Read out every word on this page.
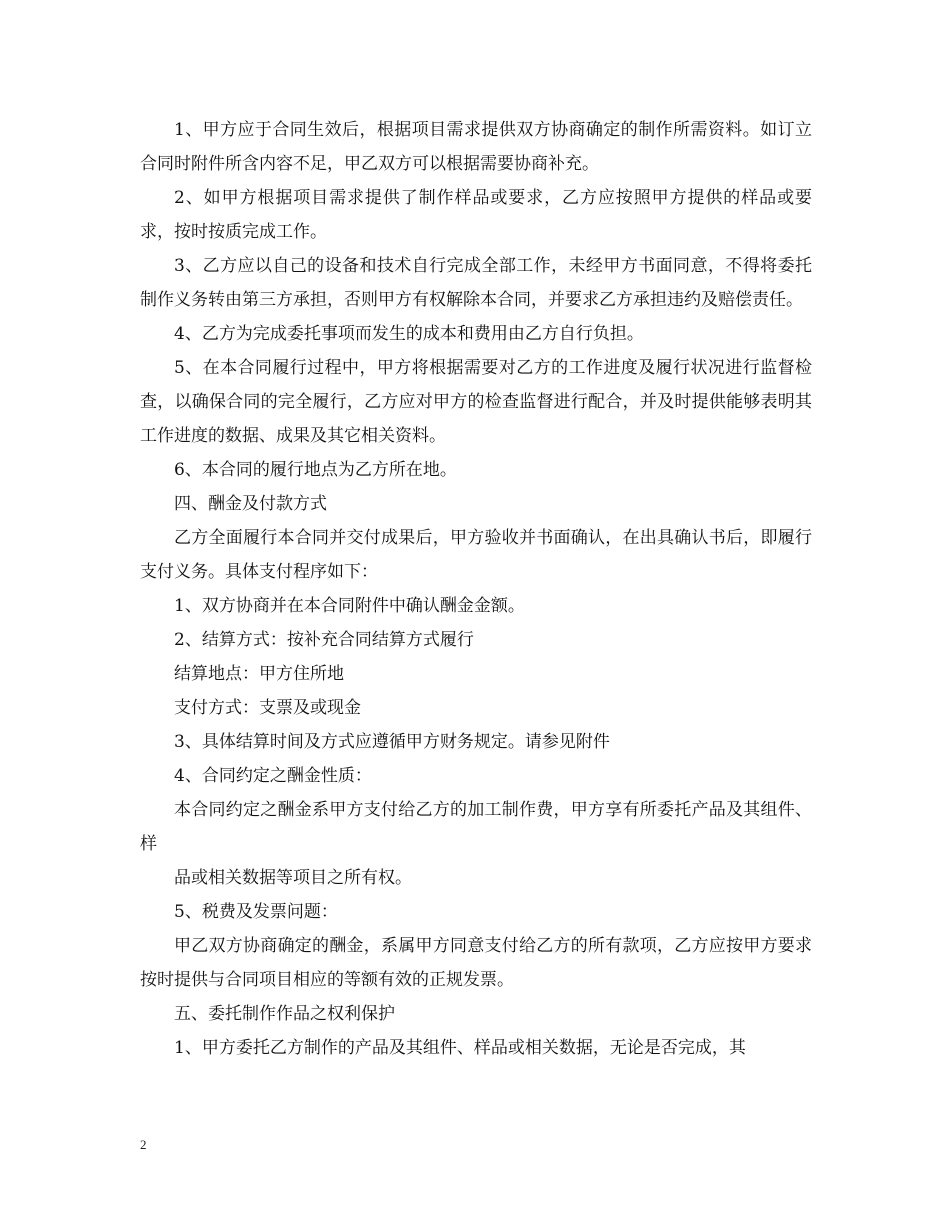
1、甲方应于合同生效后，根据项目需求提供双方协商确定的制作所需资料。如订立合同时附件所含内容不足，甲乙双方可以根据需要协商补充。

2、如甲方根据项目需求提供了制作样品或要求，乙方应按照甲方提供的样品或要求，按时按质完成工作。

3、乙方应以自己的设备和技术自行完成全部工作，未经甲方书面同意，不得将委托制作义务转由第三方承担，否则甲方有权解除本合同，并要求乙方承担违约及赔偿责任。

4、乙方为完成委托事项而发生的成本和费用由乙方自行负担。

5、在本合同履行过程中，甲方将根据需要对乙方的工作进度及履行状况进行监督检查，以确保合同的完全履行，乙方应对甲方的检查监督进行配合，并及时提供能够表明其工作进度的数据、成果及其它相关资料。

6、本合同的履行地点为乙方所在地。

四、酬金及付款方式

乙方全面履行本合同并交付成果后，甲方验收并书面确认，在出具确认书后，即履行支付义务。具体支付程序如下：

1、双方协商并在本合同附件中确认酬金金额。

2、结算方式：按补充合同结算方式履行

结算地点：甲方住所地

支付方式：支票及或现金

3、具体结算时间及方式应遵循甲方财务规定。请参见附件

4、合同约定之酬金性质：

本合同约定之酬金系甲方支付给乙方的加工制作费，甲方享有所委托产品及其组件、样

品或相关数据等项目之所有权。

5、税费及发票问题：

甲乙双方协商确定的酬金，系属甲方同意支付给乙方的所有款项，乙方应按甲方要求按时提供与合同项目相应的等额有效的正规发票。

五、委托制作作品之权利保护

1、甲方委托乙方制作的产品及其组件、样品或相关数据，无论是否完成，其

2
